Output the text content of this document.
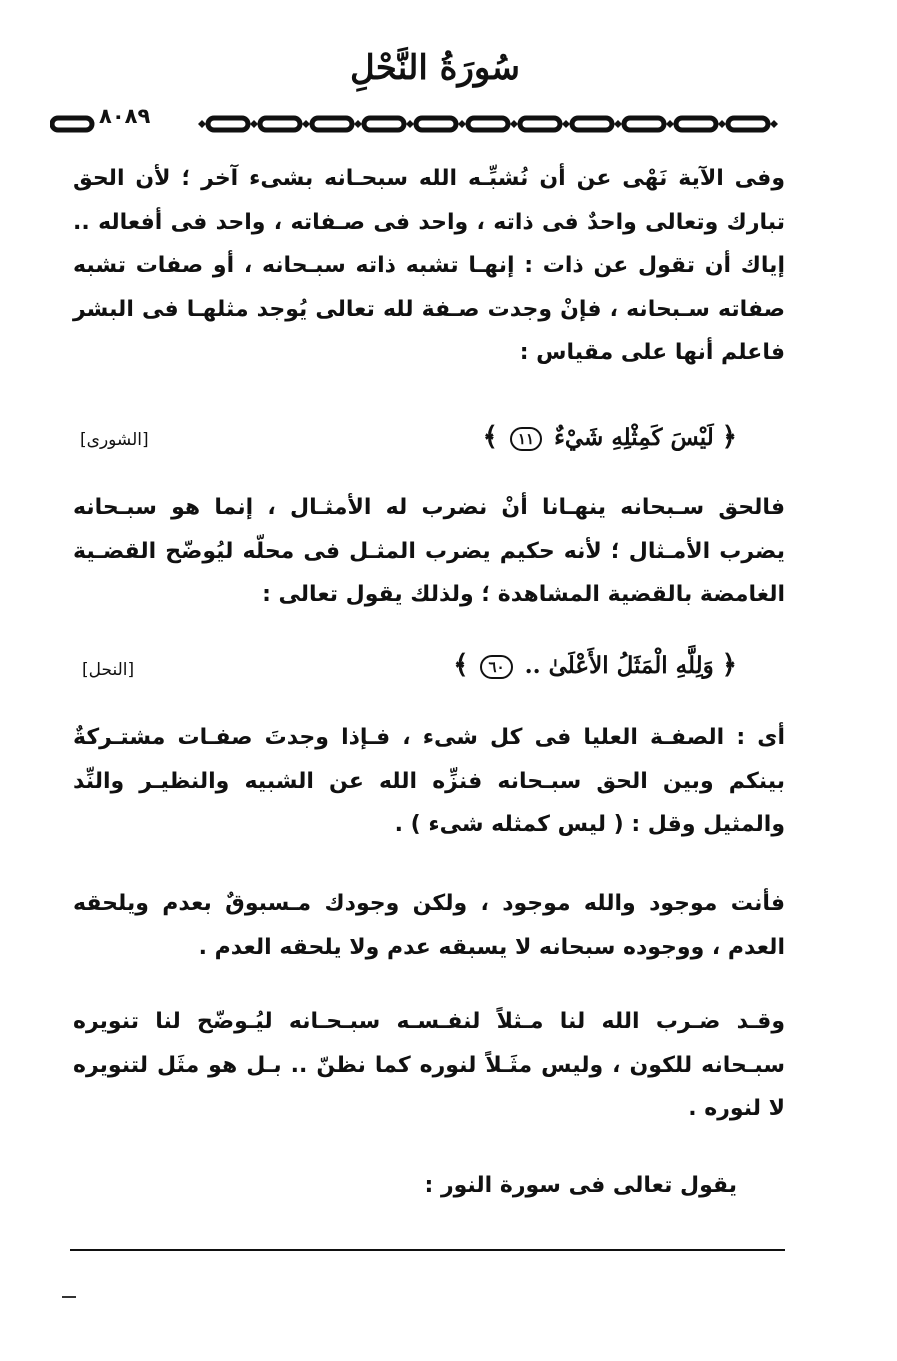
سُورَةُ النَّحْلِ
٨٠٨٩
وفى الآية نَهْى عن أن نُشبِّـه الله سبحـانه بشىء آخر ؛ لأن الحق تبارك وتعالى واحدٌ فى ذاته ، واحد فى صـفاته ، واحد فى أفعاله .. إياك أن تقول عن ذات : إنهـا تشبه ذاته سبـحانه ، أو صفات تشبه صفاته سـبحانه ، فإنْ وجدت صـفة لله تعالى يُوجد مثلهـا فى البشر فاعلم أنها على مقياس :
﴿ لَيْسَ كَمِثْلِهِ شَيْءٌ ١١ ﴾
[الشورى]
فالحق سـبحانه ينهـانا أنْ نضرب له الأمثـال ، إنما هو سبـحانه يضرب الأمـثال ؛ لأنه حكيم يضرب المثـل فى محلّه ليُوضّح القضـية الغامضة بالقضية المشاهدة ؛ ولذلك يقول تعالى :
﴿ وَلِلَّهِ الْمَثَلُ الأَعْلَىٰ .. ٦٠ ﴾
[النحل]
أى : الصفـة العليا فى كل شىء ، فـإذا وجدتَ صفـات مشتـركةٌ بينكم وبين الحق سبـحانه فنزِّه الله عن الشبيه والنظيـر والنِّد والمثيل وقل : ( ليس كمثله شىء ) .
فأنت موجود والله موجود ، ولكن وجودك مـسبوقٌ بعدم ويلحقه العدم ، ووجوده سبحانه لا يسبقه عدم ولا يلحقه العدم .
وقـد ضـرب الله لنا مـثلاً لنفـسـه سبـحـانه ليُـوضّح لنا تنويره سبـحانه للكون ، وليس مثَـلاً لنوره كما نظنّ .. بـل هو مثَل لتنويره لا لنوره .
يقول تعالى فى سورة النور :
